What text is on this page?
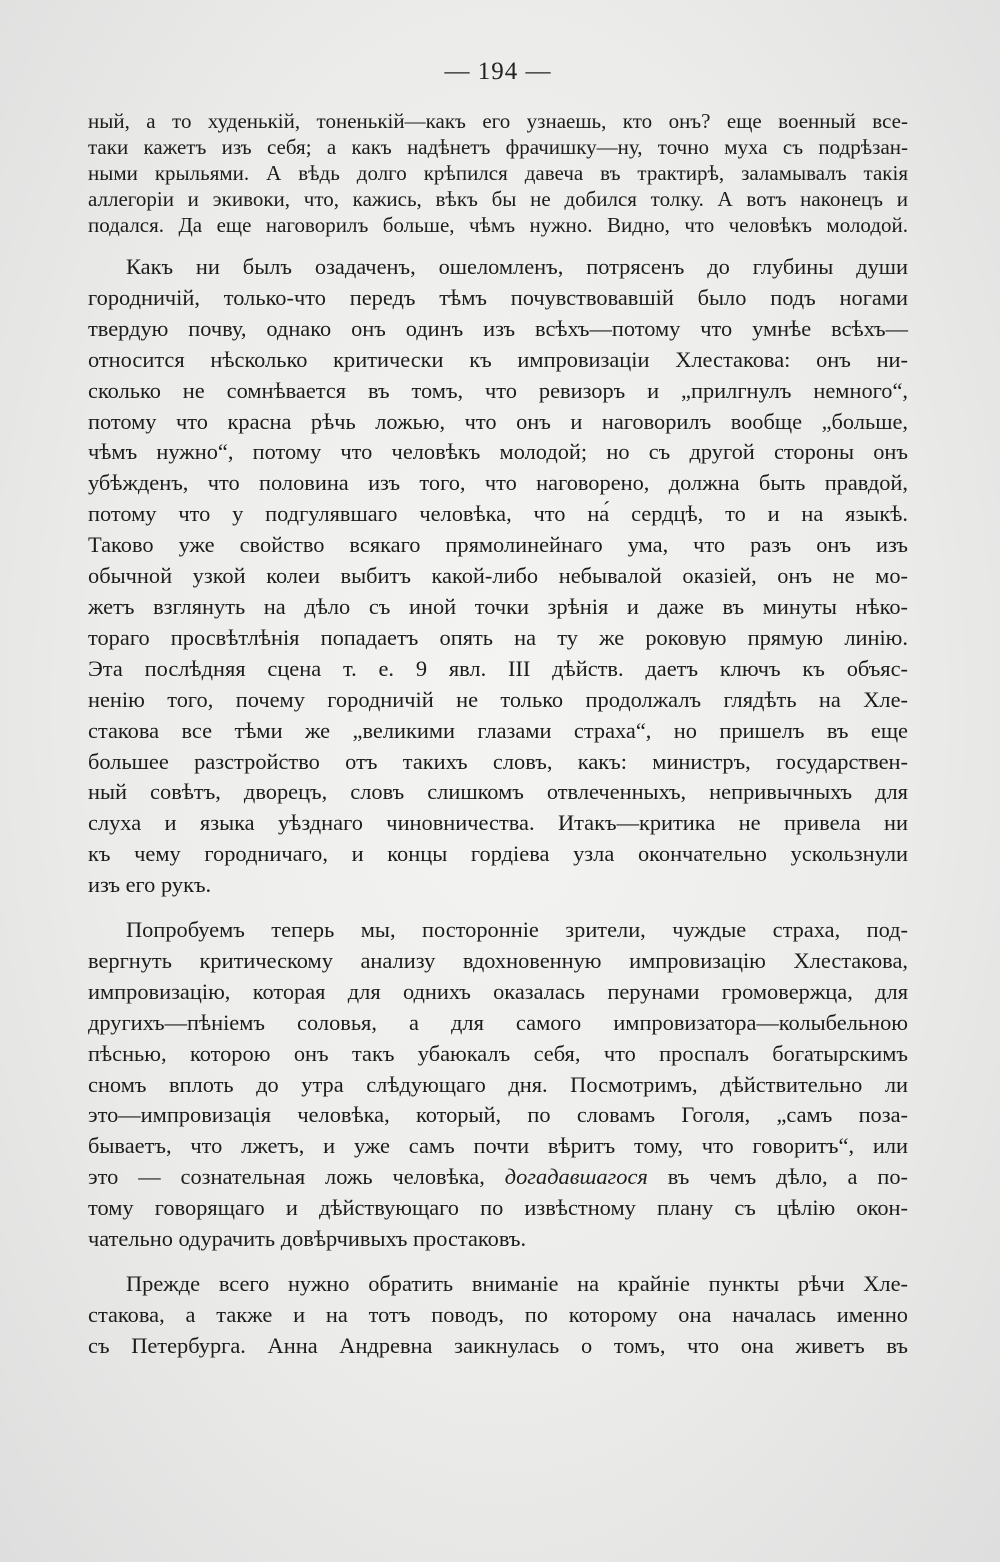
— 194 —
ный, а то худенькій, тоненькій—какъ его узнаешь, кто онъ? еще военный все-
таки кажетъ изъ себя; а какъ надѣнетъ фрачишку—ну, точно муха съ подрѣзан-
ными крыльями. А вѣдь долго крѣпился давеча въ трактирѣ, заламывалъ такія
аллегоріи и экивоки, что, кажись, вѣкъ бы не добился толку. А вотъ наконецъ и
подался. Да еще наговорилъ больше, чѣмъ нужно. Видно, что человѣкъ молодой.
Какъ ни былъ озадаченъ, ошеломленъ, потрясенъ до глубины души
городничій, только-что передъ тѣмъ почувствовавшій было подъ ногами
твердую почву, однако онъ одинъ изъ всѣхъ—потому что умнѣе всѣхъ—
относится нѣсколько критически къ импровизаціи Хлестакова: онъ ни-
сколько не сомнѣвается въ томъ, что ревизоръ и „прилгнулъ немного“,
потому что красна рѣчь ложью, что онъ и наговорилъ вообще „больше,
чѣмъ нужно“, потому что человѣкъ молодой; но съ другой стороны онъ
убѣжденъ, что половина изъ того, что наговорено, должна быть правдой,
потому что у подгулявшаго человѣка, что на́ сердцѣ, то и на языкѣ.
Таково уже свойство всякаго прямолинейнаго ума, что разъ онъ изъ
обычной узкой колеи выбитъ какой-либо небывалой оказіей, онъ не мо-
жетъ взглянуть на дѣло съ иной точки зрѣнія и даже въ минуты нѣко-
тораго просвѣтлѣнія попадаетъ опять на ту же роковую прямую линію.
Эта послѣдняя сцена т. е. 9 явл. III дѣйств. даетъ ключъ къ объяс-
ненію того, почему городничій не только продолжалъ глядѣть на Хле-
стакова все тѣми же „великими глазами страха“, но пришелъ въ еще
большее разстройство отъ такихъ словъ, какъ: министръ, государствен-
ный совѣтъ, дворецъ, словъ слишкомъ отвлеченныхъ, непривычныхъ для
слуха и языка уѣзднаго чиновничества. Итакъ—критика не привела ни
къ чему городничаго, и концы гордіева узла окончательно ускользнули
изъ его рукъ.
Попробуемъ теперь мы, посторонніе зрители, чуждые страха, под-
вергнуть критическому анализу вдохновенную импровизацію Хлестакова,
импровизацію, которая для однихъ оказалась перунами громовержца, для
другихъ—пѣніемъ соловья, а для самого импровизатора—колыбельною
пѣснью, которою онъ такъ убаюкалъ себя, что проспалъ богатырскимъ
сномъ вплоть до утра слѣдующаго дня. Посмотримъ, дѣйствительно ли
это—импровизація человѣка, который, по словамъ Гоголя, „самъ поза-
бываетъ, что лжетъ, и уже самъ почти вѣритъ тому, что говоритъ“, или
это — сознательная ложь человѣка, догадавшагося въ чемъ дѣло, а по-
тому говорящаго и дѣйствующаго по извѣстному плану съ цѣлію окон-
чательно одурачить довѣрчивыхъ простаковъ.
Прежде всего нужно обратить вниманіе на крайніе пункты рѣчи Хле-
стакова, а также и на тотъ поводъ, по которому она началась именно
съ Петербурга. Анна Андревна заикнулась о томъ, что она живетъ въ
